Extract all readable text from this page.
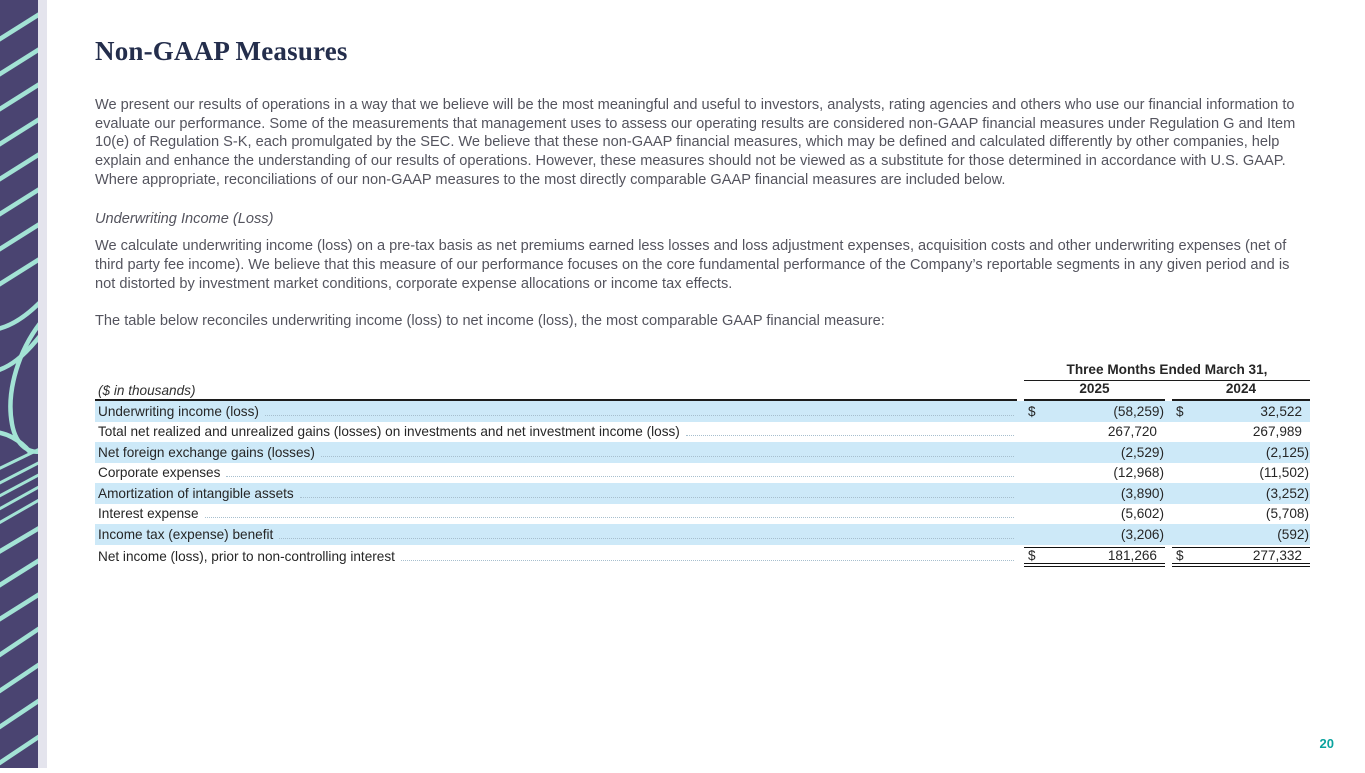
Non-GAAP Measures

We present our results of operations in a way that we believe will be the most meaningful and useful to investors, analysts, rating agencies and others who use our financial information to evaluate our performance. Some of the measurements that management uses to assess our operating results are considered non-GAAP financial measures under Regulation G and Item 10(e) of Regulation S-K, each promulgated by the SEC. We believe that these non-GAAP financial measures, which may be defined and calculated differently by other companies, help explain and enhance the understanding of our results of operations. However, these measures should not be viewed as a substitute for those determined in accordance with U.S. GAAP. Where appropriate, reconciliations of our non-GAAP measures to the most directly comparable GAAP financial measures are included below.

Underwriting Income (Loss)

We calculate underwriting income (loss) on a pre-tax basis as net premiums earned less losses and loss adjustment expenses, acquisition costs and other underwriting expenses (net of third party fee income). We believe that this measure of our performance focuses on the core fundamental performance of the Company’s reportable segments in any given period and is not distorted by investment market conditions, corporate expense allocations or income tax effects.

The table below reconciles underwriting income (loss) to net income (loss), the most comparable GAAP financial measure:

Three Months Ended March 31,
($ in thousands)	2025	2024
Underwriting income (loss)	$	(58,259) $	32,522
Total net realized and unrealized gains (losses) on investments and net investment income (loss)	267,720	267,989
Net foreign exchange gains (losses)	(2,529)	(2,125)
Corporate expenses	(12,968)	(11,502)
Amortization of intangible assets	(3,890)	(3,252)
Interest expense	(5,602)	(5,708)
Income tax (expense) benefit	(3,206)	(592)
Net income (loss), prior to non-controlling interest	$	181,266 $	277,332
20
